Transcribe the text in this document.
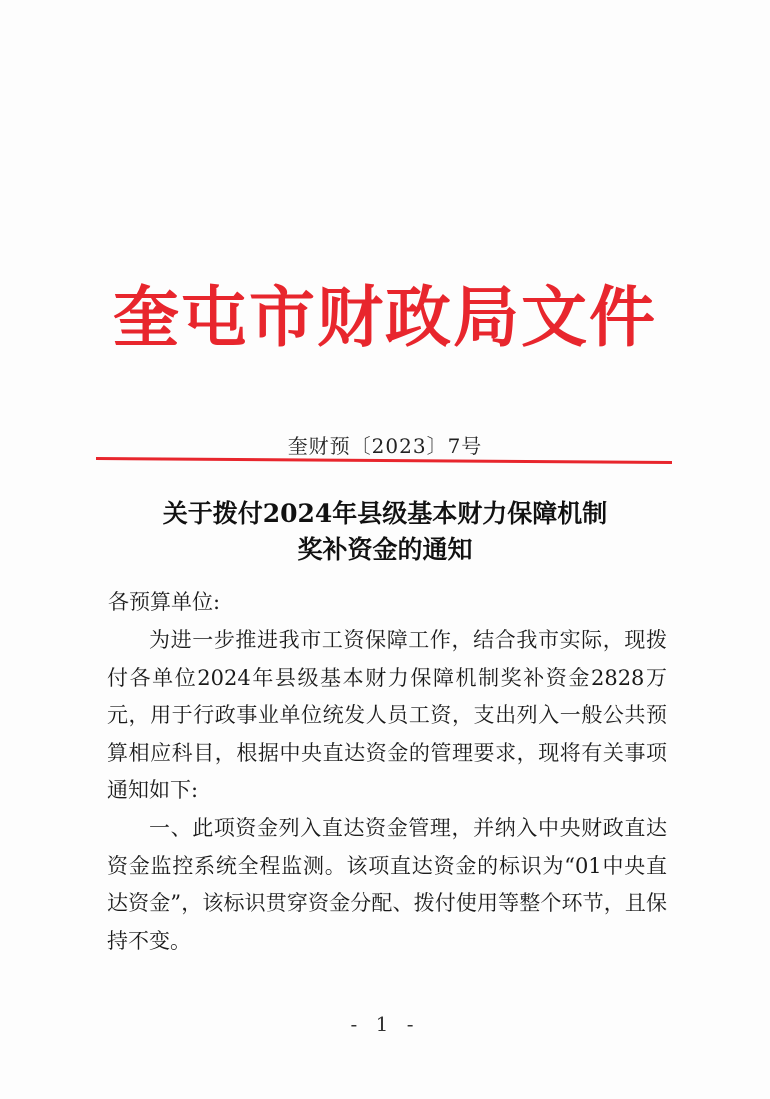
奎屯市财政局文件
奎财预〔2023〕7号
关于拨付2024年县级基本财力保障机制
奖补资金的通知
各预算单位:

为进一步推进我市工资保障工作，结合我市实际，现拨付各单位2024年县级基本财力保障机制奖补资金2828万元，用于行政事业单位统发人员工资，支出列入一般公共预算相应科目，根据中央直达资金的管理要求，现将有关事项通知如下:

一、此项资金列入直达资金管理，并纳入中央财政直达资金监控系统全程监测。该项直达资金的标识为“01中央直达资金”，该标识贯穿资金分配、拨付使用等整个环节，且保持不变。

- 1 -
